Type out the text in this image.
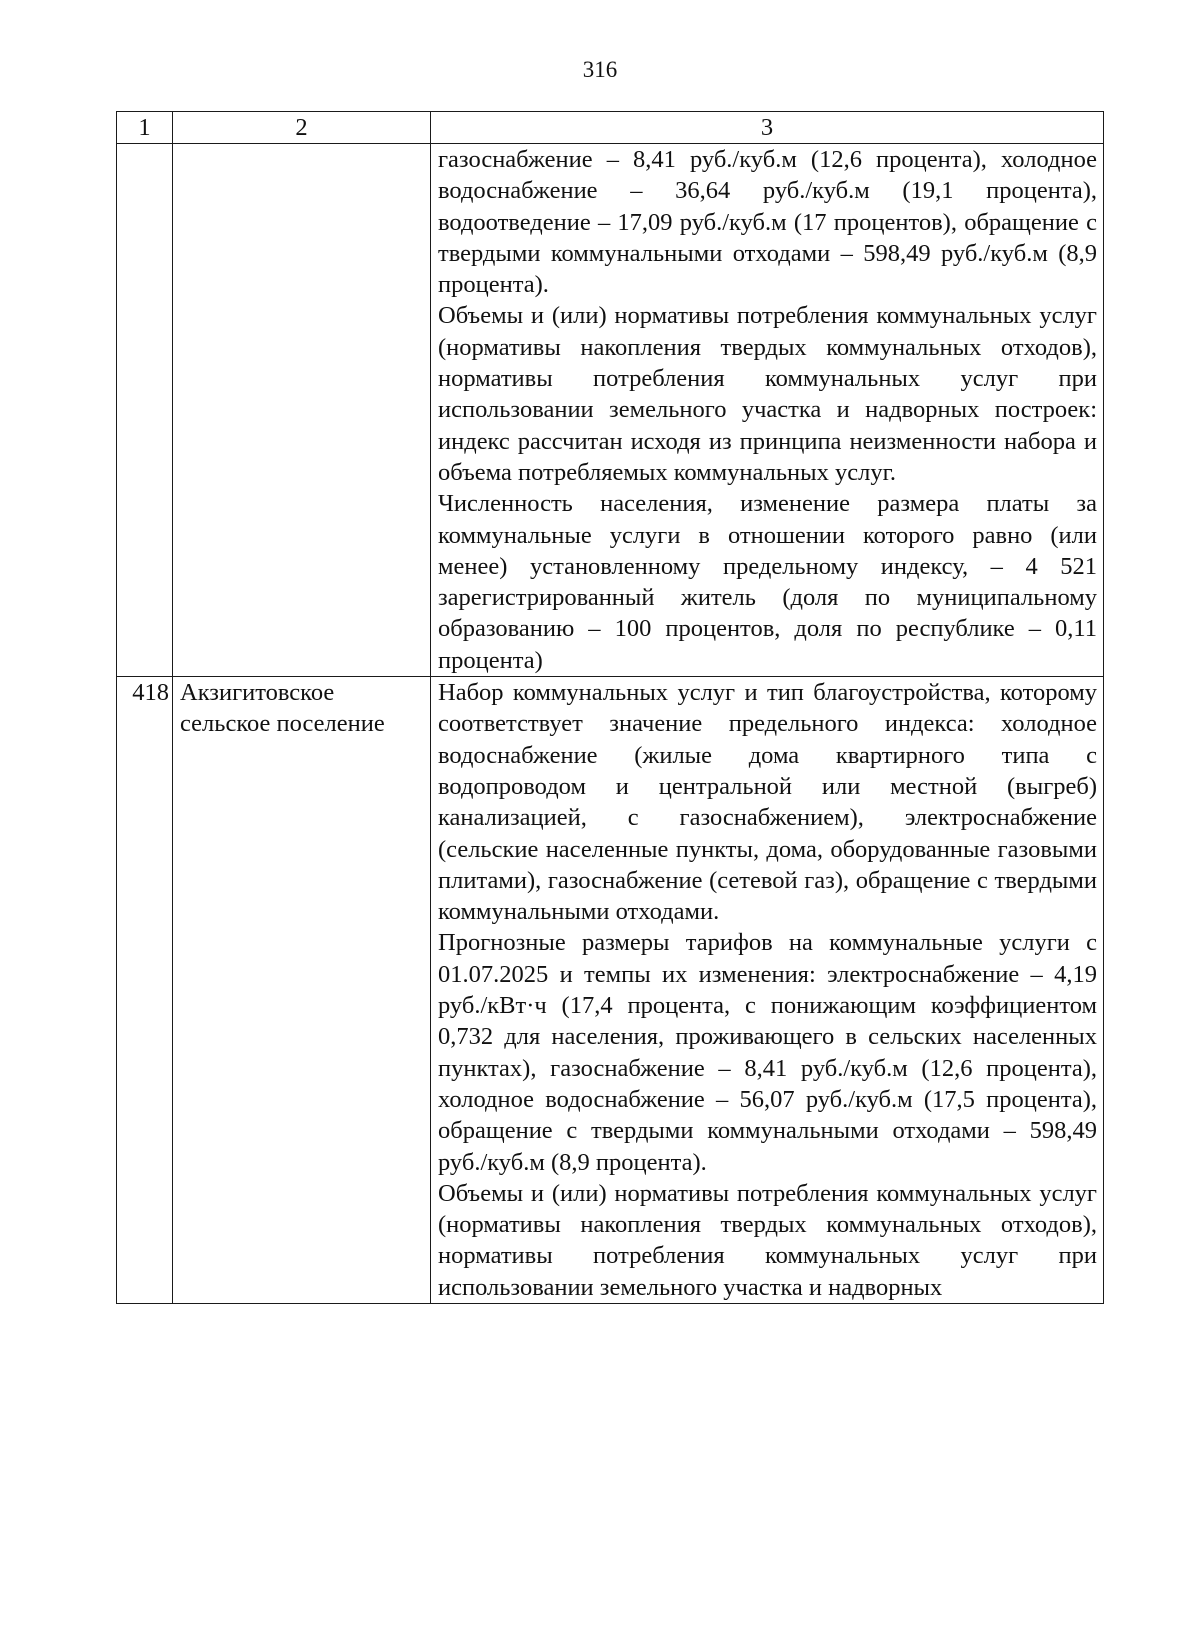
316
1	2	3

		газоснабжение – 8,41 руб./куб.м (12,6 процента), холодное водоснабжение – 36,64 руб./куб.м (19,1 процента), водоотведение – 17,09 руб./куб.м (17 процентов), обращение с твердыми коммунальными отходами – 598,49 руб./куб.м (8,9 процента).

Объемы и (или) нормативы потребления коммунальных услуг (нормативы накопления твердых коммунальных отходов), нормативы потребления коммунальных услуг при использовании земельного участка и надворных построек: индекс рассчитан исходя из принципа неизменности набора и объема потребляемых коммунальных услуг.

Численность населения, изменение размера платы за коммунальные услуги в отношении которого равно (или менее) установленному предельному индексу, – 4 521 зарегистрированный житель (доля по муниципальному образованию – 100 процентов, доля по республике – 0,11 процента)

418	Акзигитовское сельское поселение	Набор коммунальных услуг и тип благоустройства, которому соответствует значение предельного индекса: холодное водоснабжение (жилые дома квартирного типа с водопроводом и центральной или местной (выгреб) канализацией, с газоснабжением), электроснабжение (сельские населенные пункты, дома, оборудованные газовыми плитами), газоснабжение (сетевой газ), обращение с твердыми коммунальными отходами.

Прогнозные размеры тарифов на коммунальные услуги с 01.07.2025 и темпы их изменения: электроснабжение – 4,19 руб./кВт·ч (17,4 процента, с понижающим коэффициентом 0,732 для населения, проживающего в сельских населенных пунктах), газоснабжение – 8,41 руб./куб.м (12,6 процента), холодное водоснабжение – 56,07 руб./куб.м (17,5 процента), обращение с твердыми коммунальными отходами – 598,49 руб./куб.м (8,9 процента).

Объемы и (или) нормативы потребления коммунальных услуг (нормативы накопления твердых коммунальных отходов), нормативы потребления коммунальных услуг при использовании земельного участка и надворных
